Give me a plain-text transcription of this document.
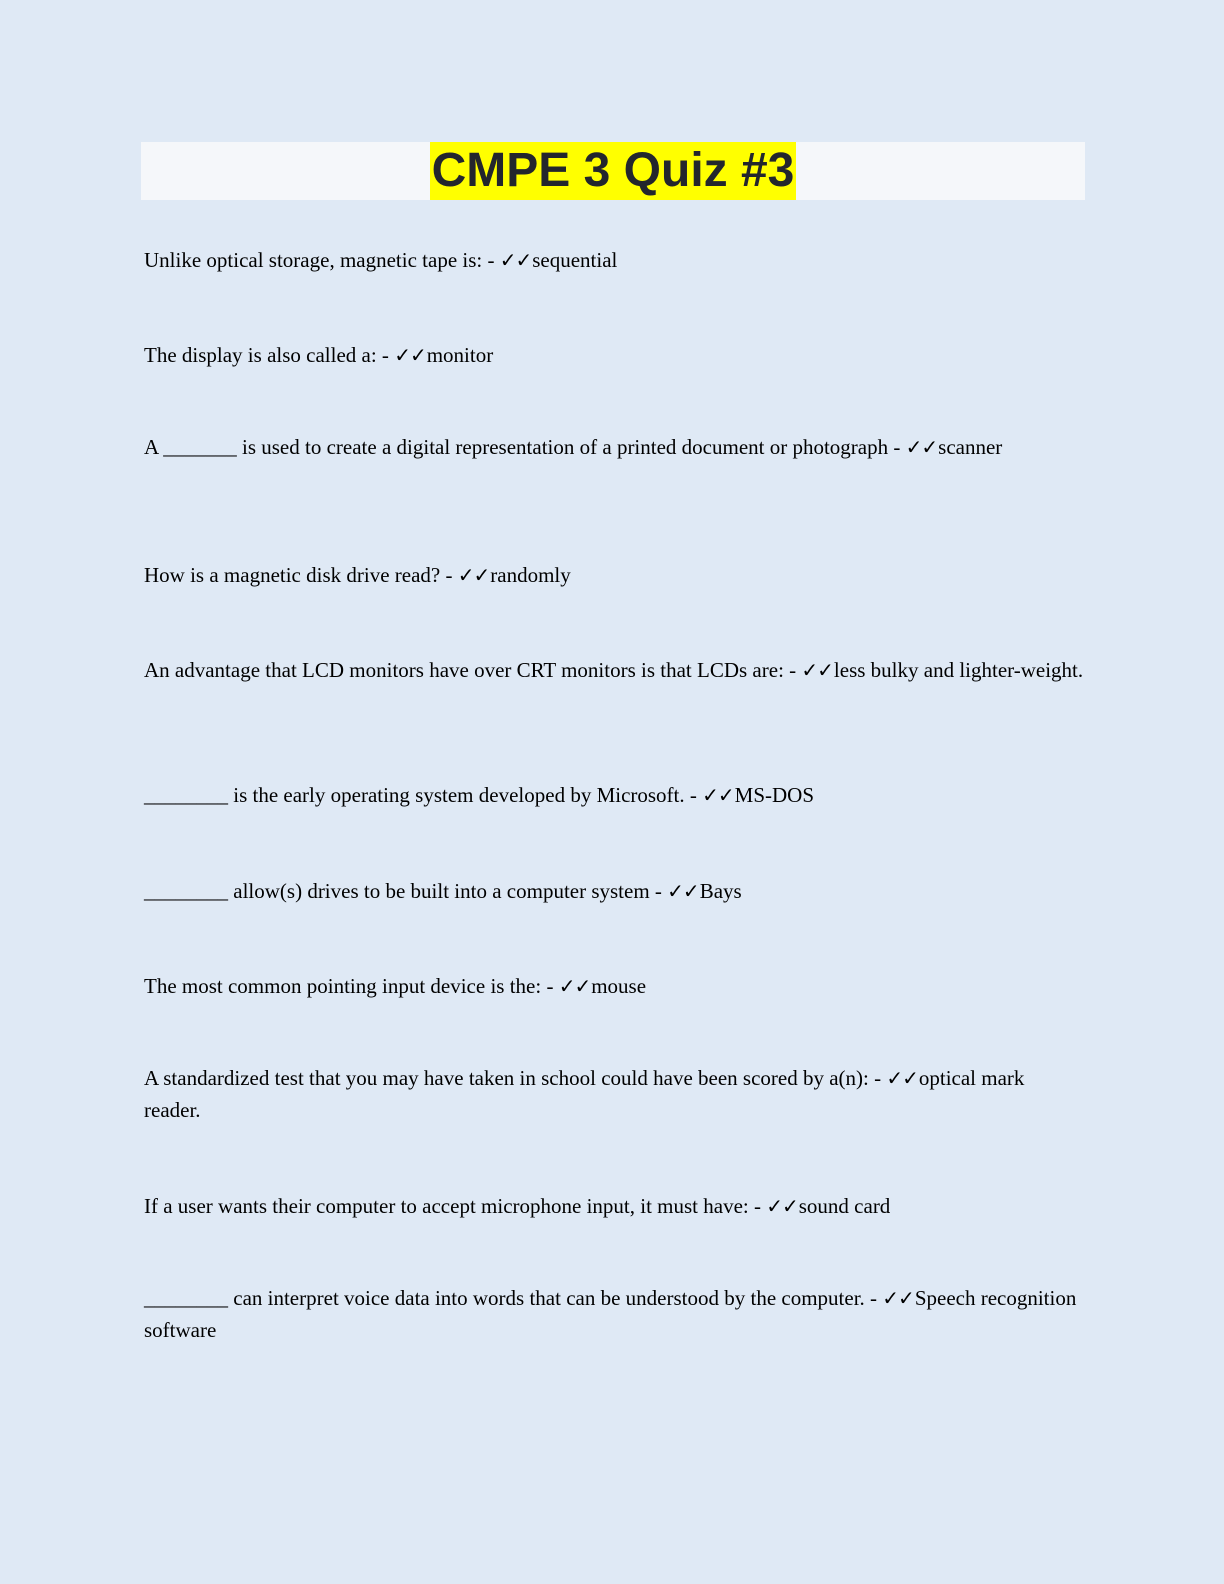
CMPE 3 Quiz #3

Unlike optical storage, magnetic tape is: - ✓✓sequential

The display is also called a: - ✓✓monitor

A _______ is used to create a digital representation of a printed document or photograph - ✓✓scanner

How is a magnetic disk drive read? - ✓✓randomly

An advantage that LCD monitors have over CRT monitors is that LCDs are: - ✓✓less bulky and lighter-weight.

________ is the early operating system developed by Microsoft. - ✓✓MS-DOS

________ allow(s) drives to be built into a computer system - ✓✓Bays

The most common pointing input device is the: - ✓✓mouse

A standardized test that you may have taken in school could have been scored by a(n): - ✓✓optical mark reader.

If a user wants their computer to accept microphone input, it must have: - ✓✓sound card

________ can interpret voice data into words that can be understood by the computer. - ✓✓Speech recognition software
